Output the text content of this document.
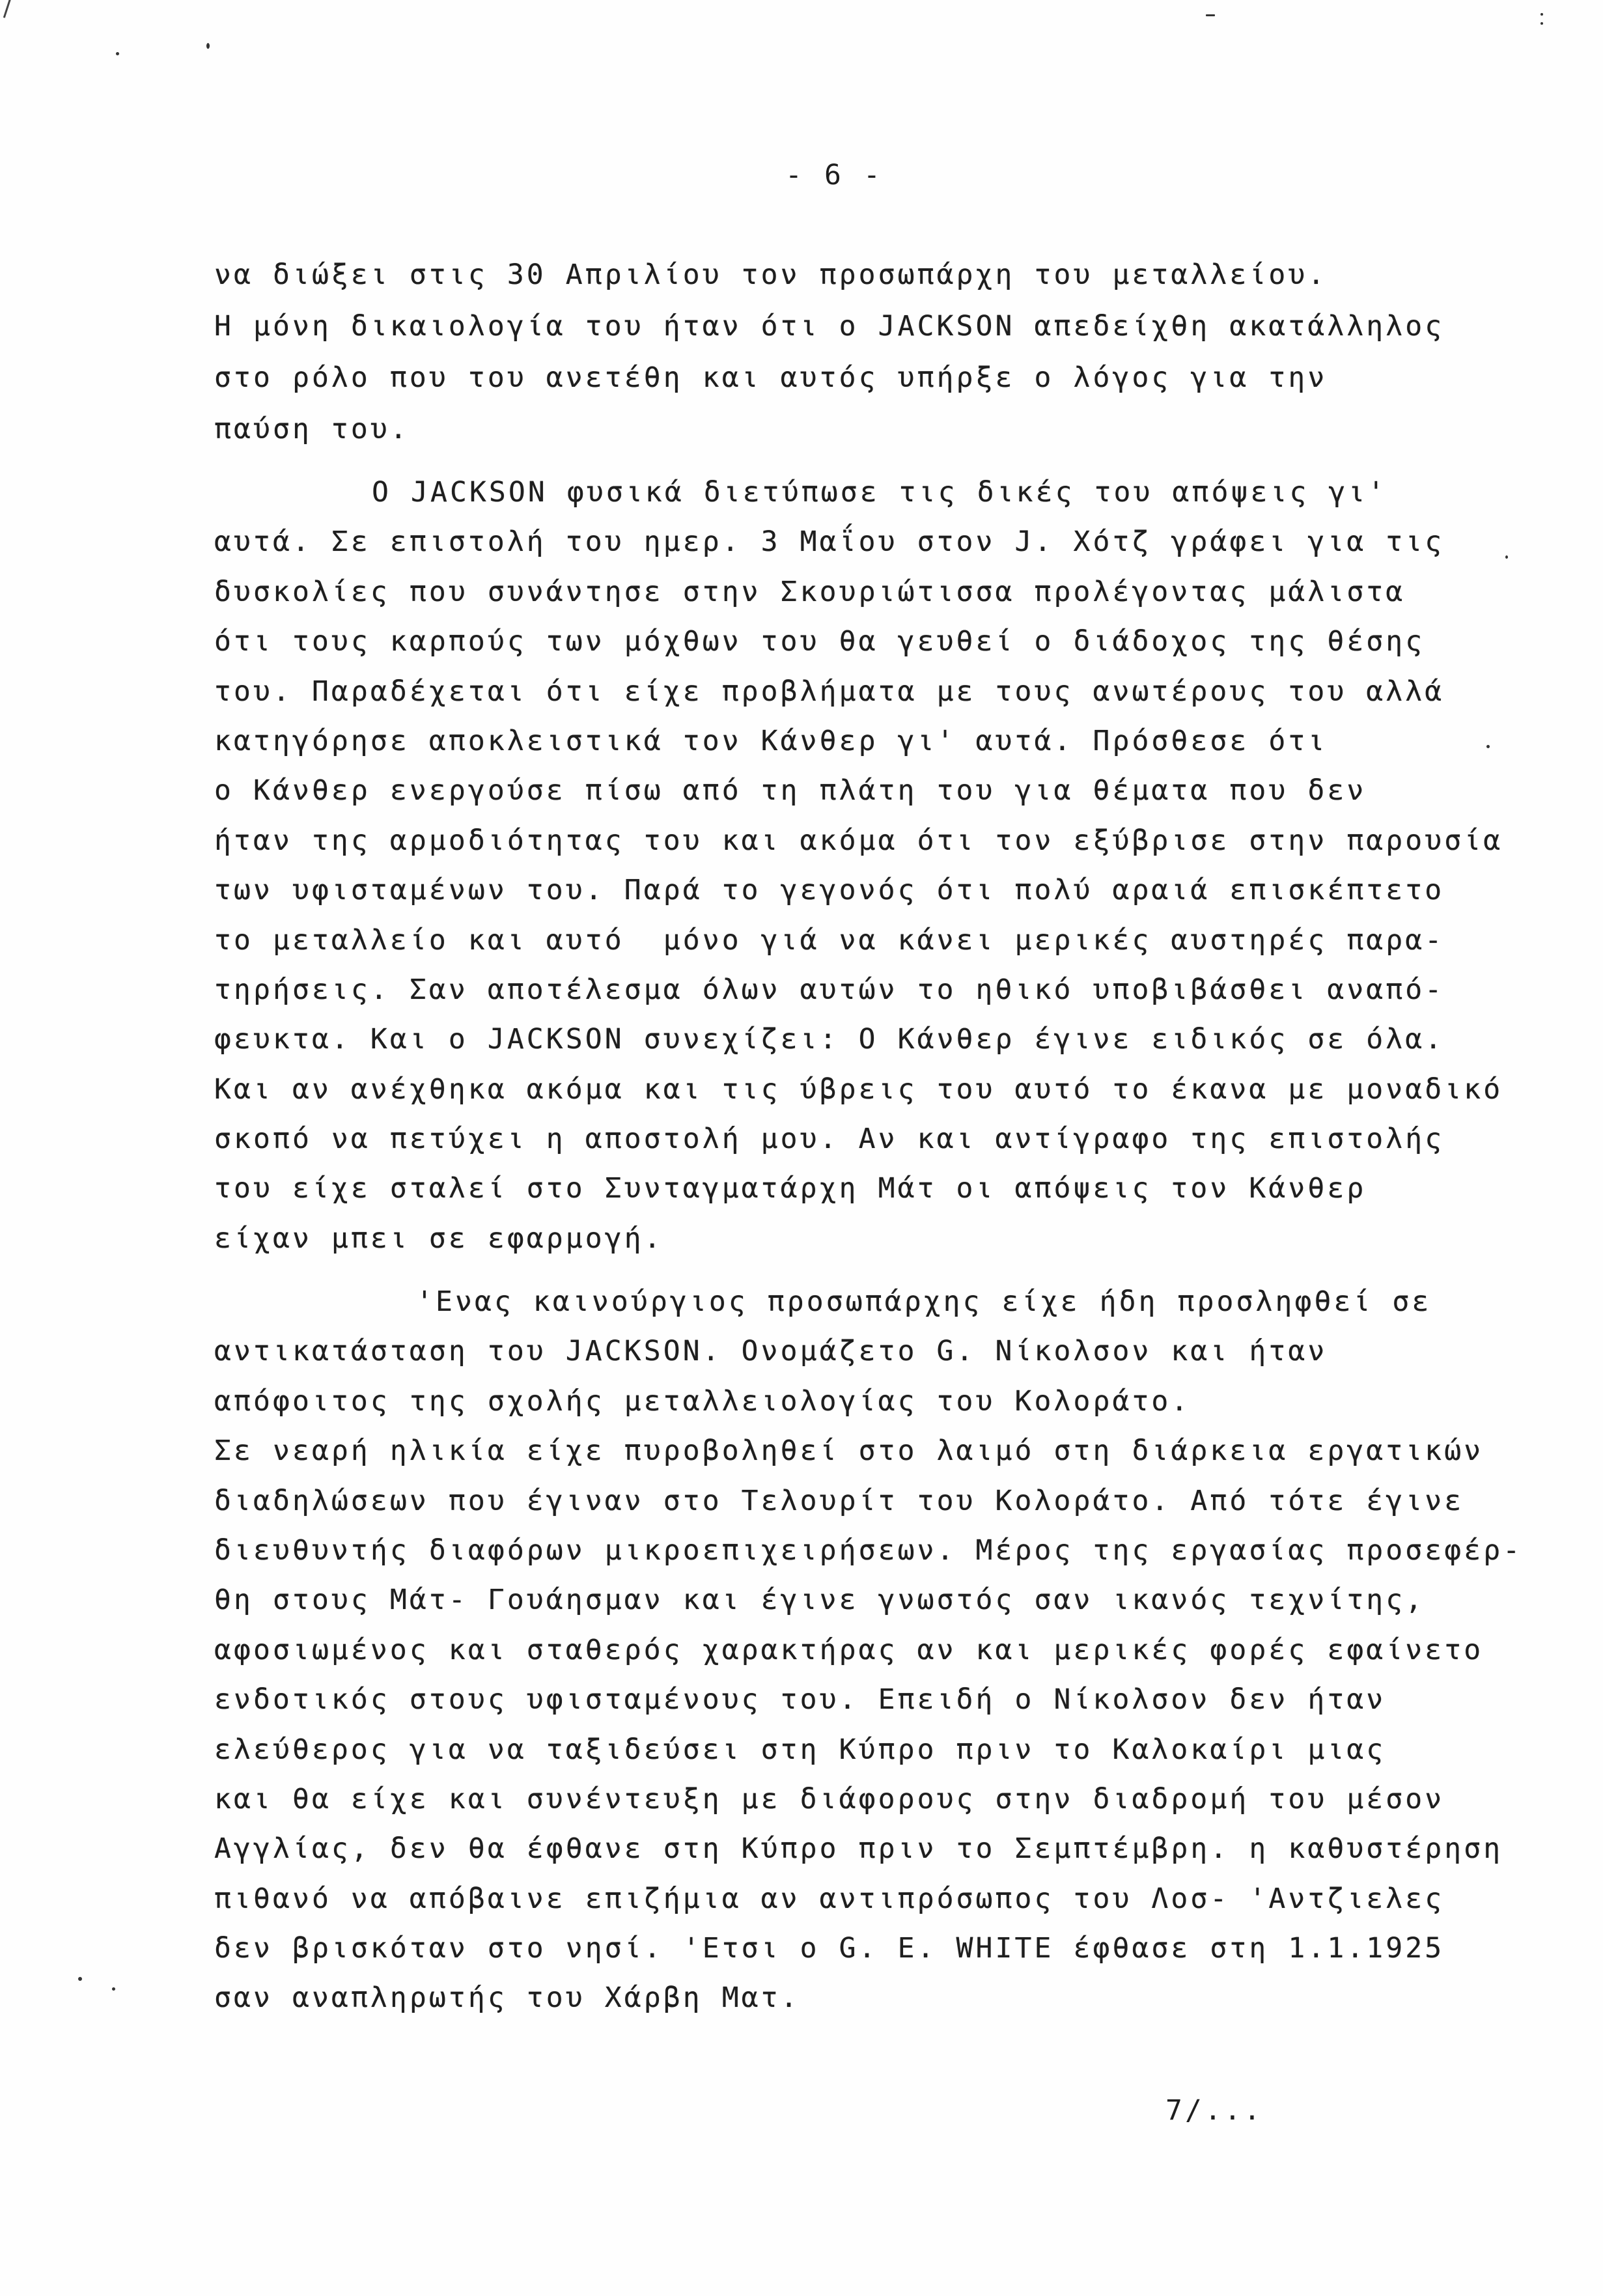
- 6 -
να διώξει στις 30 Απριλίου τον προσωπάρχη του μεταλλείου.
Η μόνη δικαιολογία του ήταν ότι ο JACKSON απεδείχθη ακατάλληλος
στο ρόλο που του ανετέθη και αυτός υπήρξε ο λόγος για την
παύση του.
Ο JACKSON φυσικά διετύπωσε τις δικές του απόψεις γι'
αυτά. Σε επιστολή του ημερ. 3 Μαΐου στον J. Χότζ γράφει για τις
δυσκολίες που συνάντησε στην Σκουριώτισσα προλέγοντας μάλιστα
ότι τους καρπούς των μόχθων του θα γευθεί ο διάδοχος της θέσης
του. Παραδέχεται ότι είχε προβλήματα με τους ανωτέρους του αλλά
κατηγόρησε αποκλειστικά τον Κάνθερ γι' αυτά. Πρόσθεσε ότι
ο Κάνθερ ενεργούσε πίσω από τη πλάτη του για θέματα που δεν
ήταν της αρμοδιότητας του και ακόμα ότι τον εξύβρισε στην παρουσία
των υφισταμένων του. Παρά το γεγονός ότι πολύ αραιά επισκέπτετο
το μεταλλείο και αυτό  μόνο γιά να κάνει μερικές αυστηρές παρα-
τηρήσεις. Σαν αποτέλεσμα όλων αυτών το ηθικό υποβιβάσθει αναπό-
φευκτα. Και ο JACKSON συνεχίζει: Ο Κάνθερ έγινε ειδικός σε όλα.
Και αν ανέχθηκα ακόμα και τις ύβρεις του αυτό το έκανα με μοναδικό
σκοπό να πετύχει η αποστολή μου. Αν και αντίγραφο της επιστολής
του είχε σταλεί στο Συνταγματάρχη Μάτ οι απόψεις τον Κάνθερ
είχαν μπει σε εφαρμογή.
'Ενας καινούργιος προσωπάρχης είχε ήδη προσληφθεί σε
αντικατάσταση του JACKSON. Ονομάζετο G. Νίκολσον και ήταν
απόφοιτος της σχολής μεταλλειολογίας του Κολοράτο.
Σε νεαρή ηλικία είχε πυροβοληθεί στο λαιμό στη διάρκεια εργατικών
διαδηλώσεων που έγιναν στο Τελουρίτ του Κολοράτο. Από τότε έγινε
διευθυντής διαφόρων μικροεπιχειρήσεων. Μέρος της εργασίας προσεφέρ-
θη στους Μάτ- Γουάησμαν και έγινε γνωστός σαν ικανός τεχνίτης,
αφοσιωμένος και σταθερός χαρακτήρας αν και μερικές φορές εφαίνετο
ενδοτικός στους υφισταμένους του. Επειδή ο Νίκολσον δεν ήταν
ελεύθερος για να ταξιδεύσει στη Κύπρο πριν το Καλοκαίρι μιας
και θα είχε και συνέντευξη με διάφορους στην διαδρομή του μέσον
Αγγλίας, δεν θα έφθανε στη Κύπρο πριν το Σεμπτέμβρη. η καθυστέρηση
πιθανό να απόβαινε επιζήμια αν αντιπρόσωπος του Λοσ- 'Αντζιελες
δεν βρισκόταν στο νησί. 'Ετσι ο G. E. WHITE έφθασε στη 1.1.1925
σαν αναπληρωτής του Χάρβη Ματ.
7/...
